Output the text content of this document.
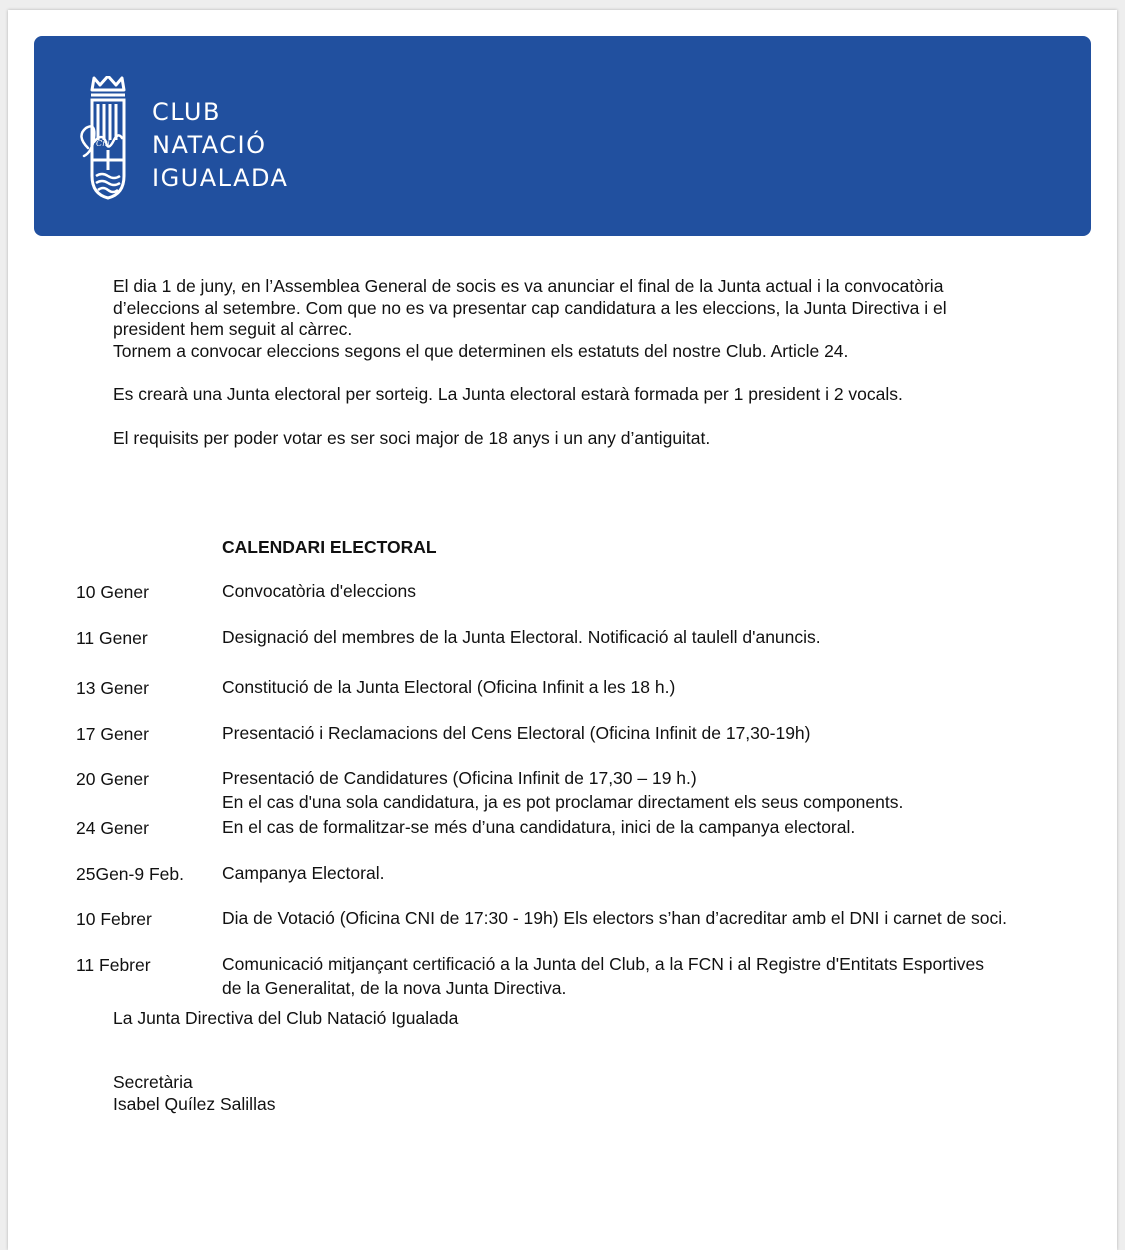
Cni
CLUB
NATACIÓ
IGUALADA
El dia 1 de juny, en l’Assemblea General de socis es va anunciar el final de la Junta actual i la convocatòria
d’eleccions al setembre. Com que no es va presentar cap candidatura a les eleccions, la Junta Directiva i el
president hem seguit al càrrec.
Tornem a convocar eleccions segons el que determinen els estatuts del nostre Club. Article 24.
Es crearà una Junta electoral per sorteig. La Junta electoral estarà formada per 1 president i 2 vocals.
El requisits per poder votar es ser soci major de 18 anys i un any d’antiguitat.
CALENDARI ELECTORAL
10 Gener	Convocatòria d'eleccions
11 Gener	Designació del membres de la Junta Electoral. Notificació al taulell d'anuncis.
13 Gener	Constitució de la Junta Electoral (Oficina Infinit a les 18 h.)
17 Gener	Presentació i Reclamacions del Cens Electoral (Oficina Infinit de 17,30-19h)
20 Gener	Presentació de Candidatures (Oficina Infinit de 17,30 – 19 h.)
En el cas d'una sola candidatura, ja es pot proclamar directament els seus components.
24 Gener	En el cas de formalitzar-se més d’una candidatura, inici de la campanya electoral.
25Gen-9 Feb. Campanya Electoral.
10 Febrer	Dia de Votació (Oficina CNI de 17:30 - 19h) Els electors s’han d’acreditar amb el DNI i carnet de soci.
11 Febrer	Comunicació mitjançant certificació a la Junta del Club, a la FCN i al Registre d'Entitats Esportives
de la Generalitat, de la nova Junta Directiva.
La Junta Directiva del Club Natació Igualada
Secretària
Isabel Quílez Salillas
